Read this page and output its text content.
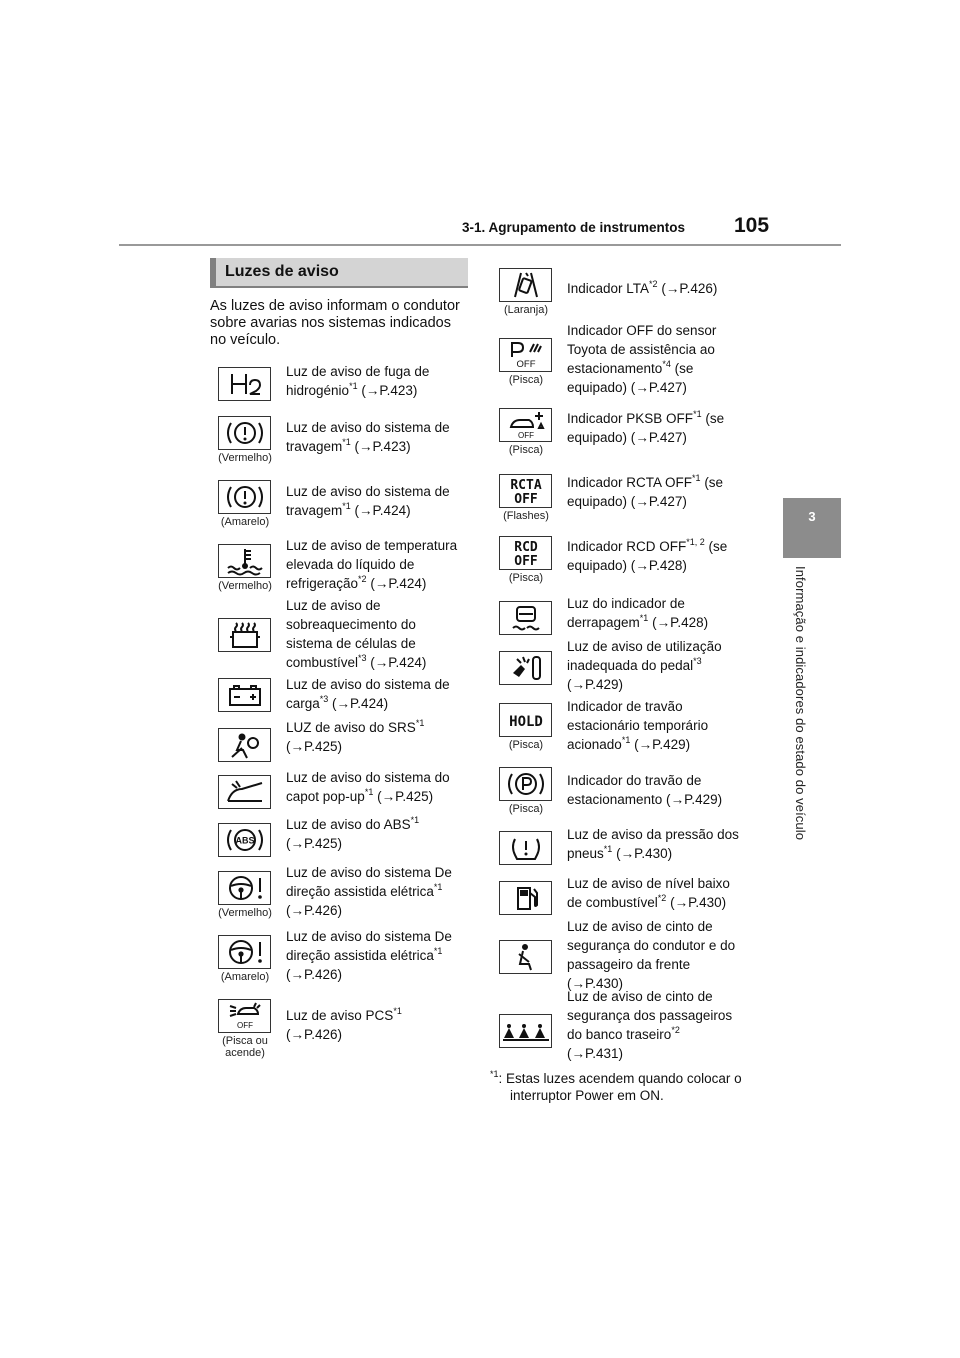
3-1. Agrupamento de instrumentos 105
3
Informação e indicadores do estado do veículo
Luzes de aviso
As luzes de aviso informam o condutor sobre avarias nos sistemas indicados no veículo.
Luz de aviso de fuga de
hidrogénio$^{*1}$ (→P.423)
(Vermelho)
Luz de aviso do sistema de
travagem$^{*1}$ (→P.423)
(Amarelo)
Luz de aviso do sistema de
travagem$^{*1}$ (→P.424)
(Vermelho)
Luz de aviso de temperatura
elevada do líquido de
refrigeração$^{*2}$ (→P.424)
Luz de aviso de
sobreaquecimento do
sistema de células de
combustível$^{*3}$ (→P.424)
Luz de aviso do sistema de
carga$^{*3}$ (→P.424)
LUZ de aviso do SRS$^{*1}$
(→P.425)
Luz de aviso do sistema do
capot pop-$up^{*1}$ (→P.425)
ABS
Luz de aviso do ABS$^{*1}$
(→P.425)
(Vermelho)
Luz de aviso do sistema De
direção assistida elétrica$^{*1}$
(→P.426)
(Amarelo)
Luz de aviso do sistema De
direção assistida elétrica$^{*1}$
(→P.426)
OFF
(Pisca ou acende)
Luz de aviso PCS$^{*1}$
(→P.426)
(Laranja)
Indicador LTA$^{*2}$ (→P.426)
OFF
(Pisca)
Indicador OFF do sensor
Toyota de assistência ao
estacionamento$^{*4}$ (se
equipado) (→P.427)
OFF
(Pisca)
Indicador PKSB OFF$^{*1}$ (se
equipado) (→P.427)
RCTA
OFF
(Flashes)
Indicador RCTA OFF$^{*1}$ (se
equipado) (→P.427)
RCD
OFF
(Pisca)
Indicador RCD OFF$^{*1, 2}$ (se
equipado) (→P.428)
Luz do indicador de
derrapagem$^{*1}$ (→P.428)
Luz de aviso de utilização
inadequada do pedal$^{*3}$
(→P.429)
HOLD
(Pisca)
Indicador de travão
estacionário temporário
acionado$^{*1}$ (→P.429)
(Pisca)
Indicador do travão de
estacionamento (→P.429)
Luz de aviso da pressão dos
pneus$^{*1}$ (→P.430)
Luz de aviso de nível baixo
de combustível$^{*2}$ (→P.430)
Luz de aviso de cinto de
segurança do condutor e do
passageiro da frente
(→P.430)
Luz de aviso de cinto de
segurança dos passageiros
do banco traseiro$^{*2}$
(→P.431)
$^{*1}$: Estas luzes acendem quando colocar o interruptor Power em ON.
